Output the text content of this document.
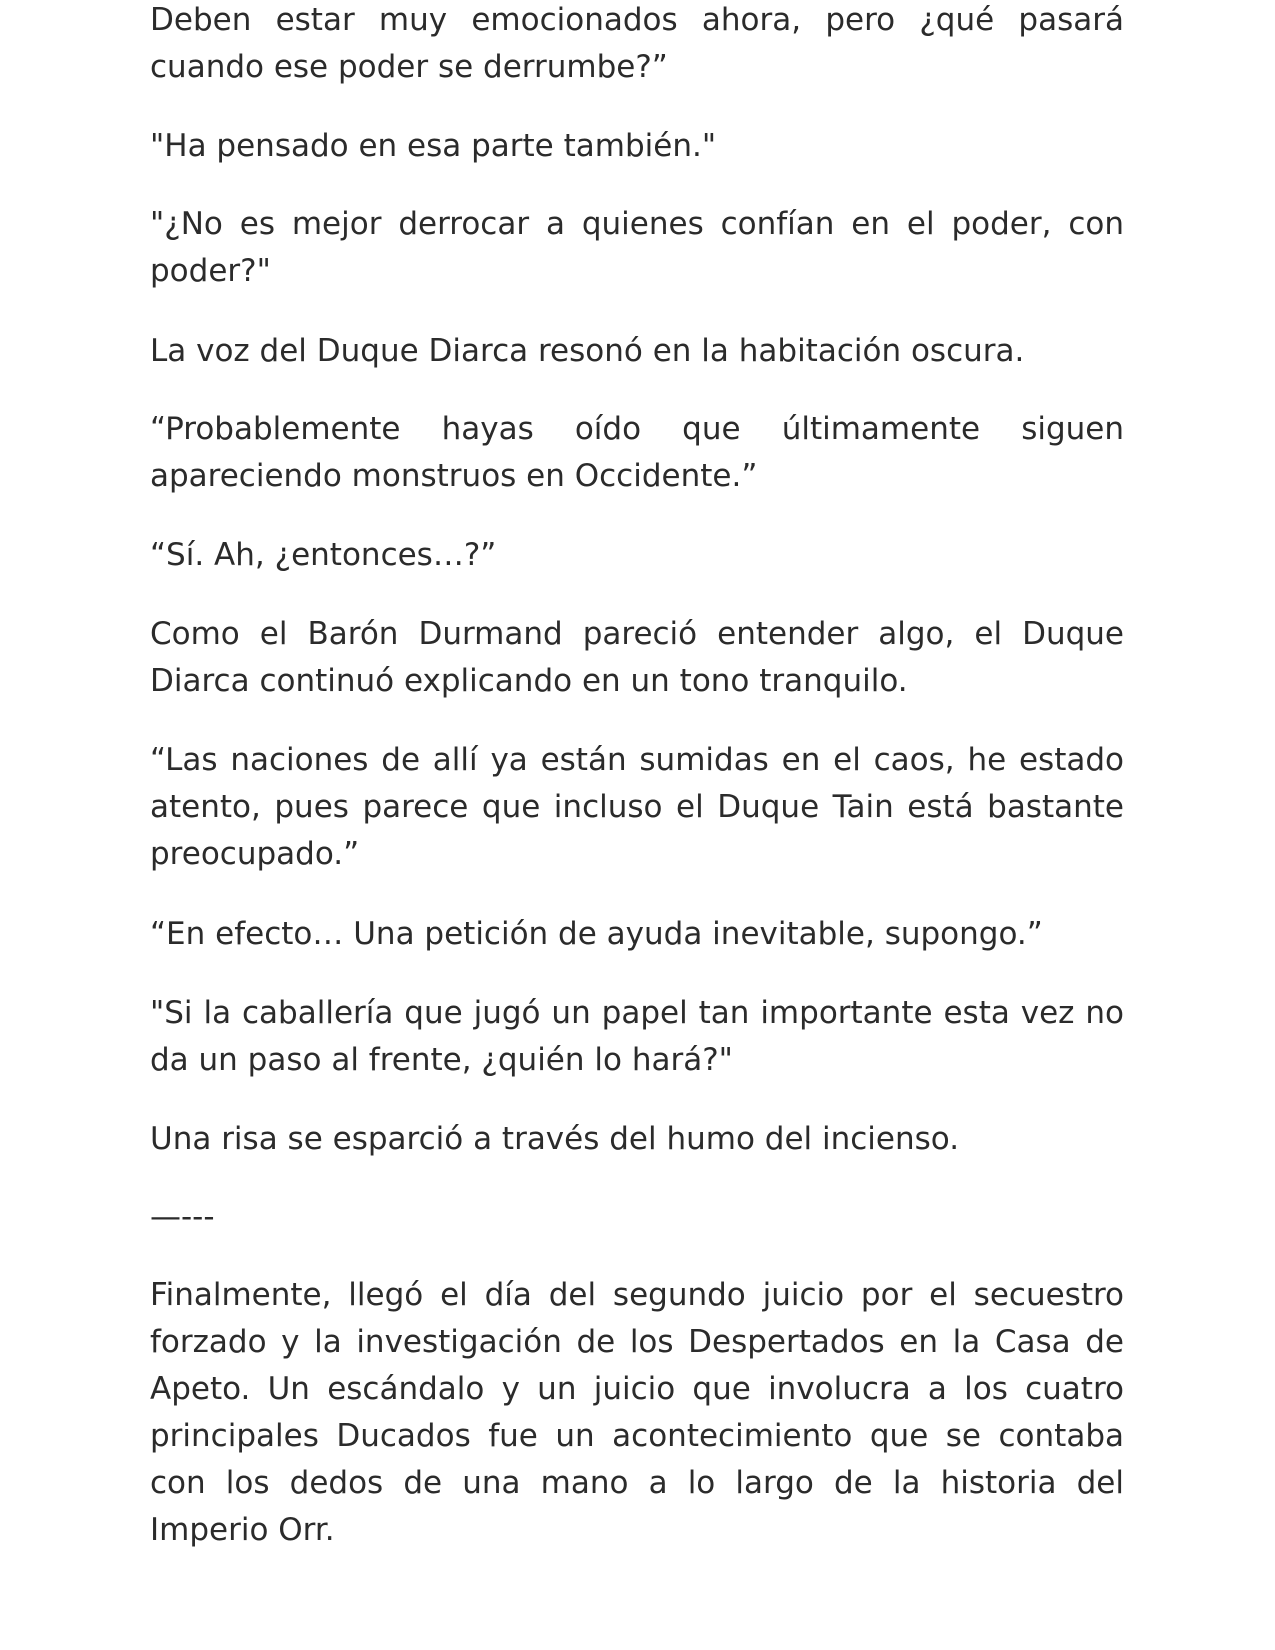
Deben estar muy emocionados ahora, pero ¿qué pasará cuando ese poder se derrumbe?”

"Ha pensado en esa parte también."

"¿No es mejor derrocar a quienes confían en el poder, con poder?"

La voz del Duque Diarca resonó en la habitación oscura.

“Probablemente hayas oído que últimamente siguen apareciendo monstruos en Occidente.”

“Sí. Ah, ¿entonces…?”

Como el Barón Durmand pareció entender algo, el Duque Diarca continuó explicando en un tono tranquilo.

“Las naciones de allí ya están sumidas en el caos, he estado atento, pues parece que incluso el Duque Tain está bastante preocupado.”

“En efecto… Una petición de ayuda inevitable, supongo.”

"Si la caballería que jugó un papel tan importante esta vez no da un paso al frente, ¿quién lo hará?"

Una risa se esparció a través del humo del incienso.

—---

Finalmente, llegó el día del segundo juicio por el secuestro forzado y la investigación de los Despertados en la Casa de Apeto. Un escándalo y un juicio que involucra a los cuatro principales Ducados fue un acontecimiento que se contaba con los dedos de una mano a lo largo de la historia del Imperio Orr.
